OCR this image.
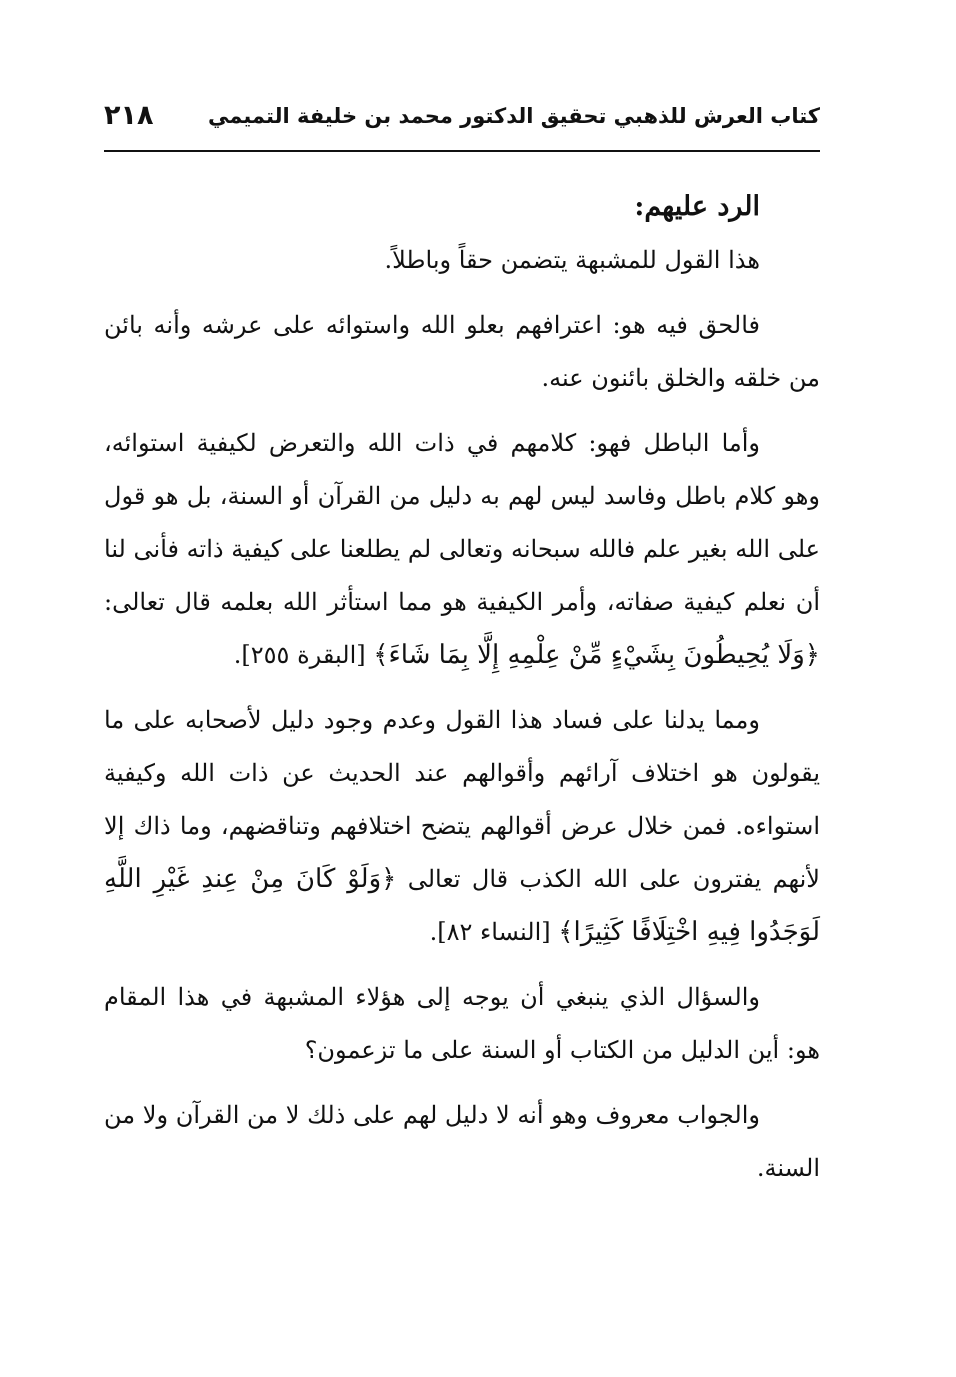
كتاب العرش للذهبي تحقيق الدكتور محمد بن خليفة التميمي
٢١٨

الرد عليهم:

هذا القول للمشبهة يتضمن حقاً وباطلاً.

فالحق فيه هو: اعترافهم بعلو الله واستوائه على عرشه وأنه بائن من خلقه والخلق بائنون عنه.

وأما الباطل فهو: كلامهم في ذات الله والتعرض لكيفية استوائه، وهو كلام باطل وفاسد ليس لهم به دليل من القرآن أو السنة، بل هو قول على الله بغير علم فالله سبحانه وتعالى لم يطلعنا على كيفية ذاته فأنى لنا أن نعلم كيفية صفاته، وأمر الكيفية هو مما استأثر الله بعلمه قال تعالى: ﴿وَلَا يُحِيطُونَ بِشَيْءٍ مِّنْ عِلْمِهِ إِلَّا بِمَا شَاءَ﴾ [البقرة ٢٥٥].

ومما يدلنا على فساد هذا القول وعدم وجود دليل لأصحابه على ما يقولون هو اختلاف آرائهم وأقوالهم عند الحديث عن ذات الله وكيفية استواءه. فمن خلال عرض أقوالهم يتضح اختلافهم وتناقضهم، وما ذاك إلا لأنهم يفترون على الله الكذب قال تعالى ﴿وَلَوْ كَانَ مِنْ عِندِ غَيْرِ اللَّهِ لَوَجَدُوا فِيهِ اخْتِلَافًا كَثِيرًا﴾ [النساء ٨٢].

والسؤال الذي ينبغي أن يوجه إلى هؤلاء المشبهة في هذا المقام هو: أين الدليل من الكتاب أو السنة على ما تزعمون؟

والجواب معروف وهو أنه لا دليل لهم على ذلك لا من القرآن ولا من السنة.
